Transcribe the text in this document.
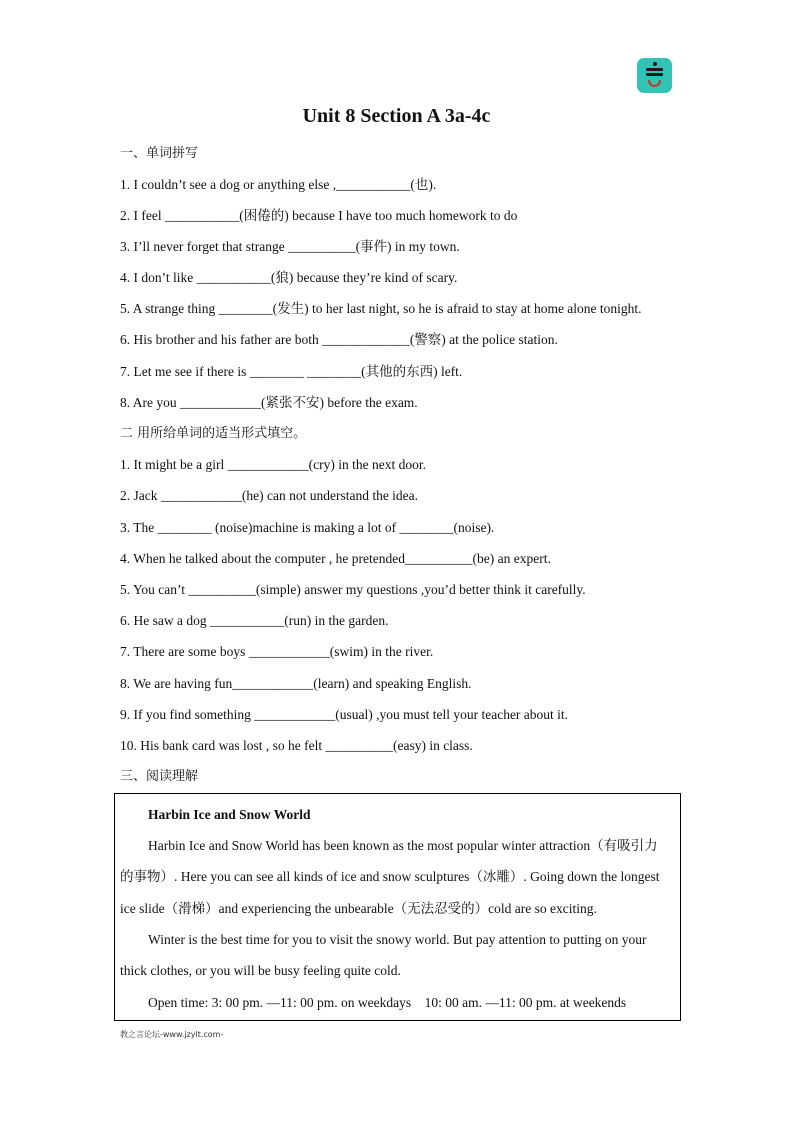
Unit 8 Section A 3a-4c
一、单词拼写
1. I couldn’t see a dog or anything else ,___________(也).
2. I feel ___________(困倦的) because I have too much homework to do
3. I’ll never forget that strange __________(事件) in my town.
4. I don’t like ___________(狼) because they’re kind of scary.
5. A strange thing ________(发生) to her last night, so he is afraid to stay at home alone tonight.
6. His brother and his father are both _____________(警察) at the police station.
7. Let me see if there is ________ ________(其他的东西) left.
8. Are you ____________(紧张不安) before the exam.
二 用所给单词的适当形式填空。
1. It might be a girl ____________(cry) in the next door.
2. Jack ____________(he) can not understand the idea.
3. The ________ (noise)machine is making a lot of ________(noise).
4. When he talked about the computer , he pretended__________(be) an expert.
5. You can’t __________(simple) answer my questions ,you’d better think it carefully.
6. He saw a dog ___________(run) in the garden.
7. There are some boys ____________(swim) in the river.
8. We are having fun____________(learn) and speaking English.
9. If you find something ____________(usual) ,you must tell your teacher about it.
10. His bank card was lost , so he felt __________(easy) in class.
三、阅读理解
Harbin Ice and Snow World
Harbin Ice and Snow World has been known as the most popular winter attraction（有吸引力
的事物）. Here you can see all kinds of ice and snow sculptures（冰雕）. Going down the longest
ice slide（滑梯）and experiencing the unbearable（无法忍受的）cold are so exciting.
Winter is the best time for you to visit the snowy world. But pay attention to putting on your
thick clothes, or you will be busy feeling quite cold.
Open time: 3: 00 pm. —11: 00 pm. on weekdays    10: 00 am. —11: 00 pm. at weekends
教之言论坛-www.jzylt.com-
